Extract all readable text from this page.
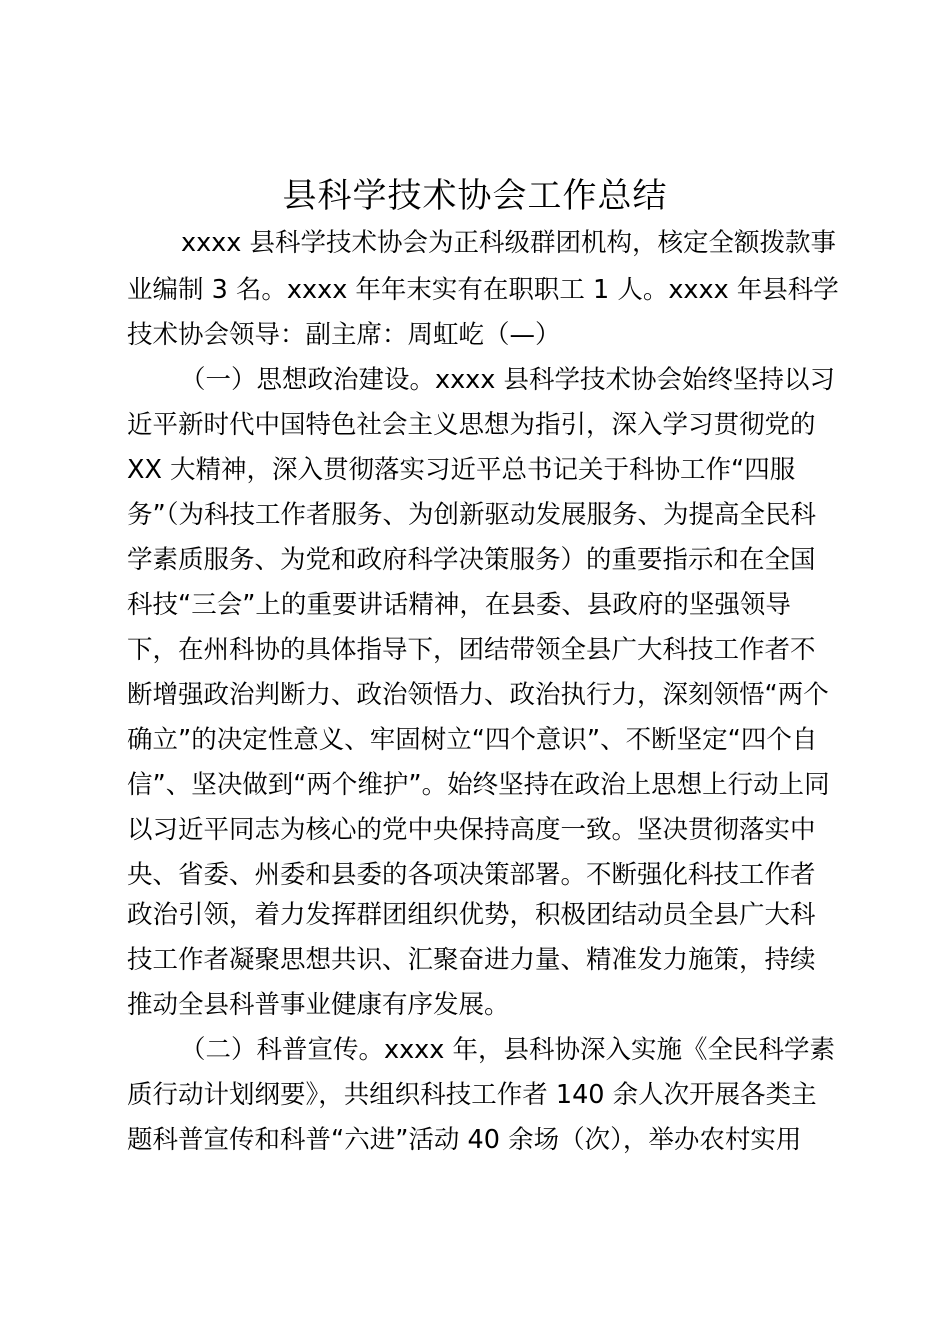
县科学技术协会工作总结

xxxx 县科学技术协会为正科级群团机构，核定全额拨款事

业编制 3 名。xxxx 年年末实有在职职工 1 人。xxxx 年县科学

技术协会领导：副主席：周虹屹（—）

（一）思想政治建设。xxxx 县科学技术协会始终坚持以习

近平新时代中国特色社会主义思想为指引，深入学习贯彻党的

XX 大精神，深入贯彻落实习近平总书记关于科协工作“四服

务”（为科技工作者服务、为创新驱动发展服务、为提高全民科

学素质服务、为党和政府科学决策服务）的重要指示和在全国

科技“三会”上的重要讲话精神，在县委、县政府的坚强领导

下，在州科协的具体指导下，团结带领全县广大科技工作者不

断增强政治判断力、政治领悟力、政治执行力，深刻领悟“两个

确立”的决定性意义、牢固树立“四个意识”、不断坚定“四个自

信”、坚决做到“两个维护”。始终坚持在政治上思想上行动上同

以习近平同志为核心的党中央保持高度一致。坚决贯彻落实中

央、省委、州委和县委的各项决策部署。不断强化科技工作者

政治引领，着力发挥群团组织优势，积极团结动员全县广大科

技工作者凝聚思想共识、汇聚奋进力量、精准发力施策，持续

推动全县科普事业健康有序发展。

（二）科普宣传。xxxx 年，县科协深入实施《全民科学素

质行动计划纲要》，共组织科技工作者 140 余人次开展各类主

题科普宣传和科普“六进”活动 40 余场（次），举办农村实用
